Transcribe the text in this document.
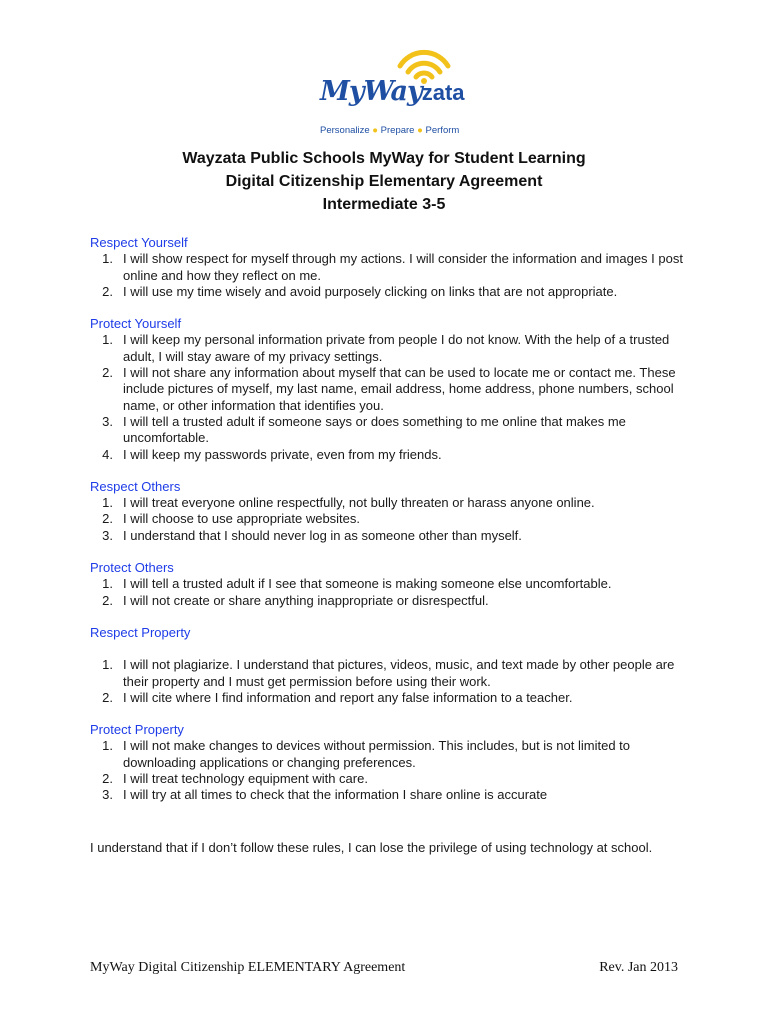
MyWayzata
Personalize ● Prepare ● Perform
Wayzata Public Schools MyWay for Student Learning
Digital Citizenship Elementary Agreement
Intermediate 3-5
Respect Yourself
1. I will show respect for myself through my actions. I will consider the information and images I post online and how they reflect on me.
2. I will use my time wisely and avoid purposely clicking on links that are not appropriate.
Protect Yourself
1. I will keep my personal information private from people I do not know. With the help of a trusted adult, I will stay aware of my privacy settings.
2. I will not share any information about myself that can be used to locate me or contact me. These include pictures of myself, my last name, email address, home address, phone numbers, school name, or other information that identifies you.
3. I will tell a trusted adult if someone says or does something to me online that makes me uncomfortable.
4. I will keep my passwords private, even from my friends.
Respect Others
1. I will treat everyone online respectfully, not bully threaten or harass anyone online.
2. I will choose to use appropriate websites.
3. I understand that I should never log in as someone other than myself.
Protect Others
1. I will tell a trusted adult if I see that someone is making someone else uncomfortable.
2. I will not create or share anything inappropriate or disrespectful.
Respect Property
1. I will not plagiarize. I understand that pictures, videos, music, and text made by other people are their property and I must get permission before using their work.
2. I will cite where I find information and report any false information to a teacher.
Protect Property
1. I will not make changes to devices without permission. This includes, but is not limited to downloading applications or changing preferences.
2. I will treat technology equipment with care.
3. I will try at all times to check that the information I share online is accurate
I understand that if I don’t follow these rules, I can lose the privilege of using technology at school.
MyWay Digital Citizenship ELEMENTARY Agreement	Rev. Jan 2013
